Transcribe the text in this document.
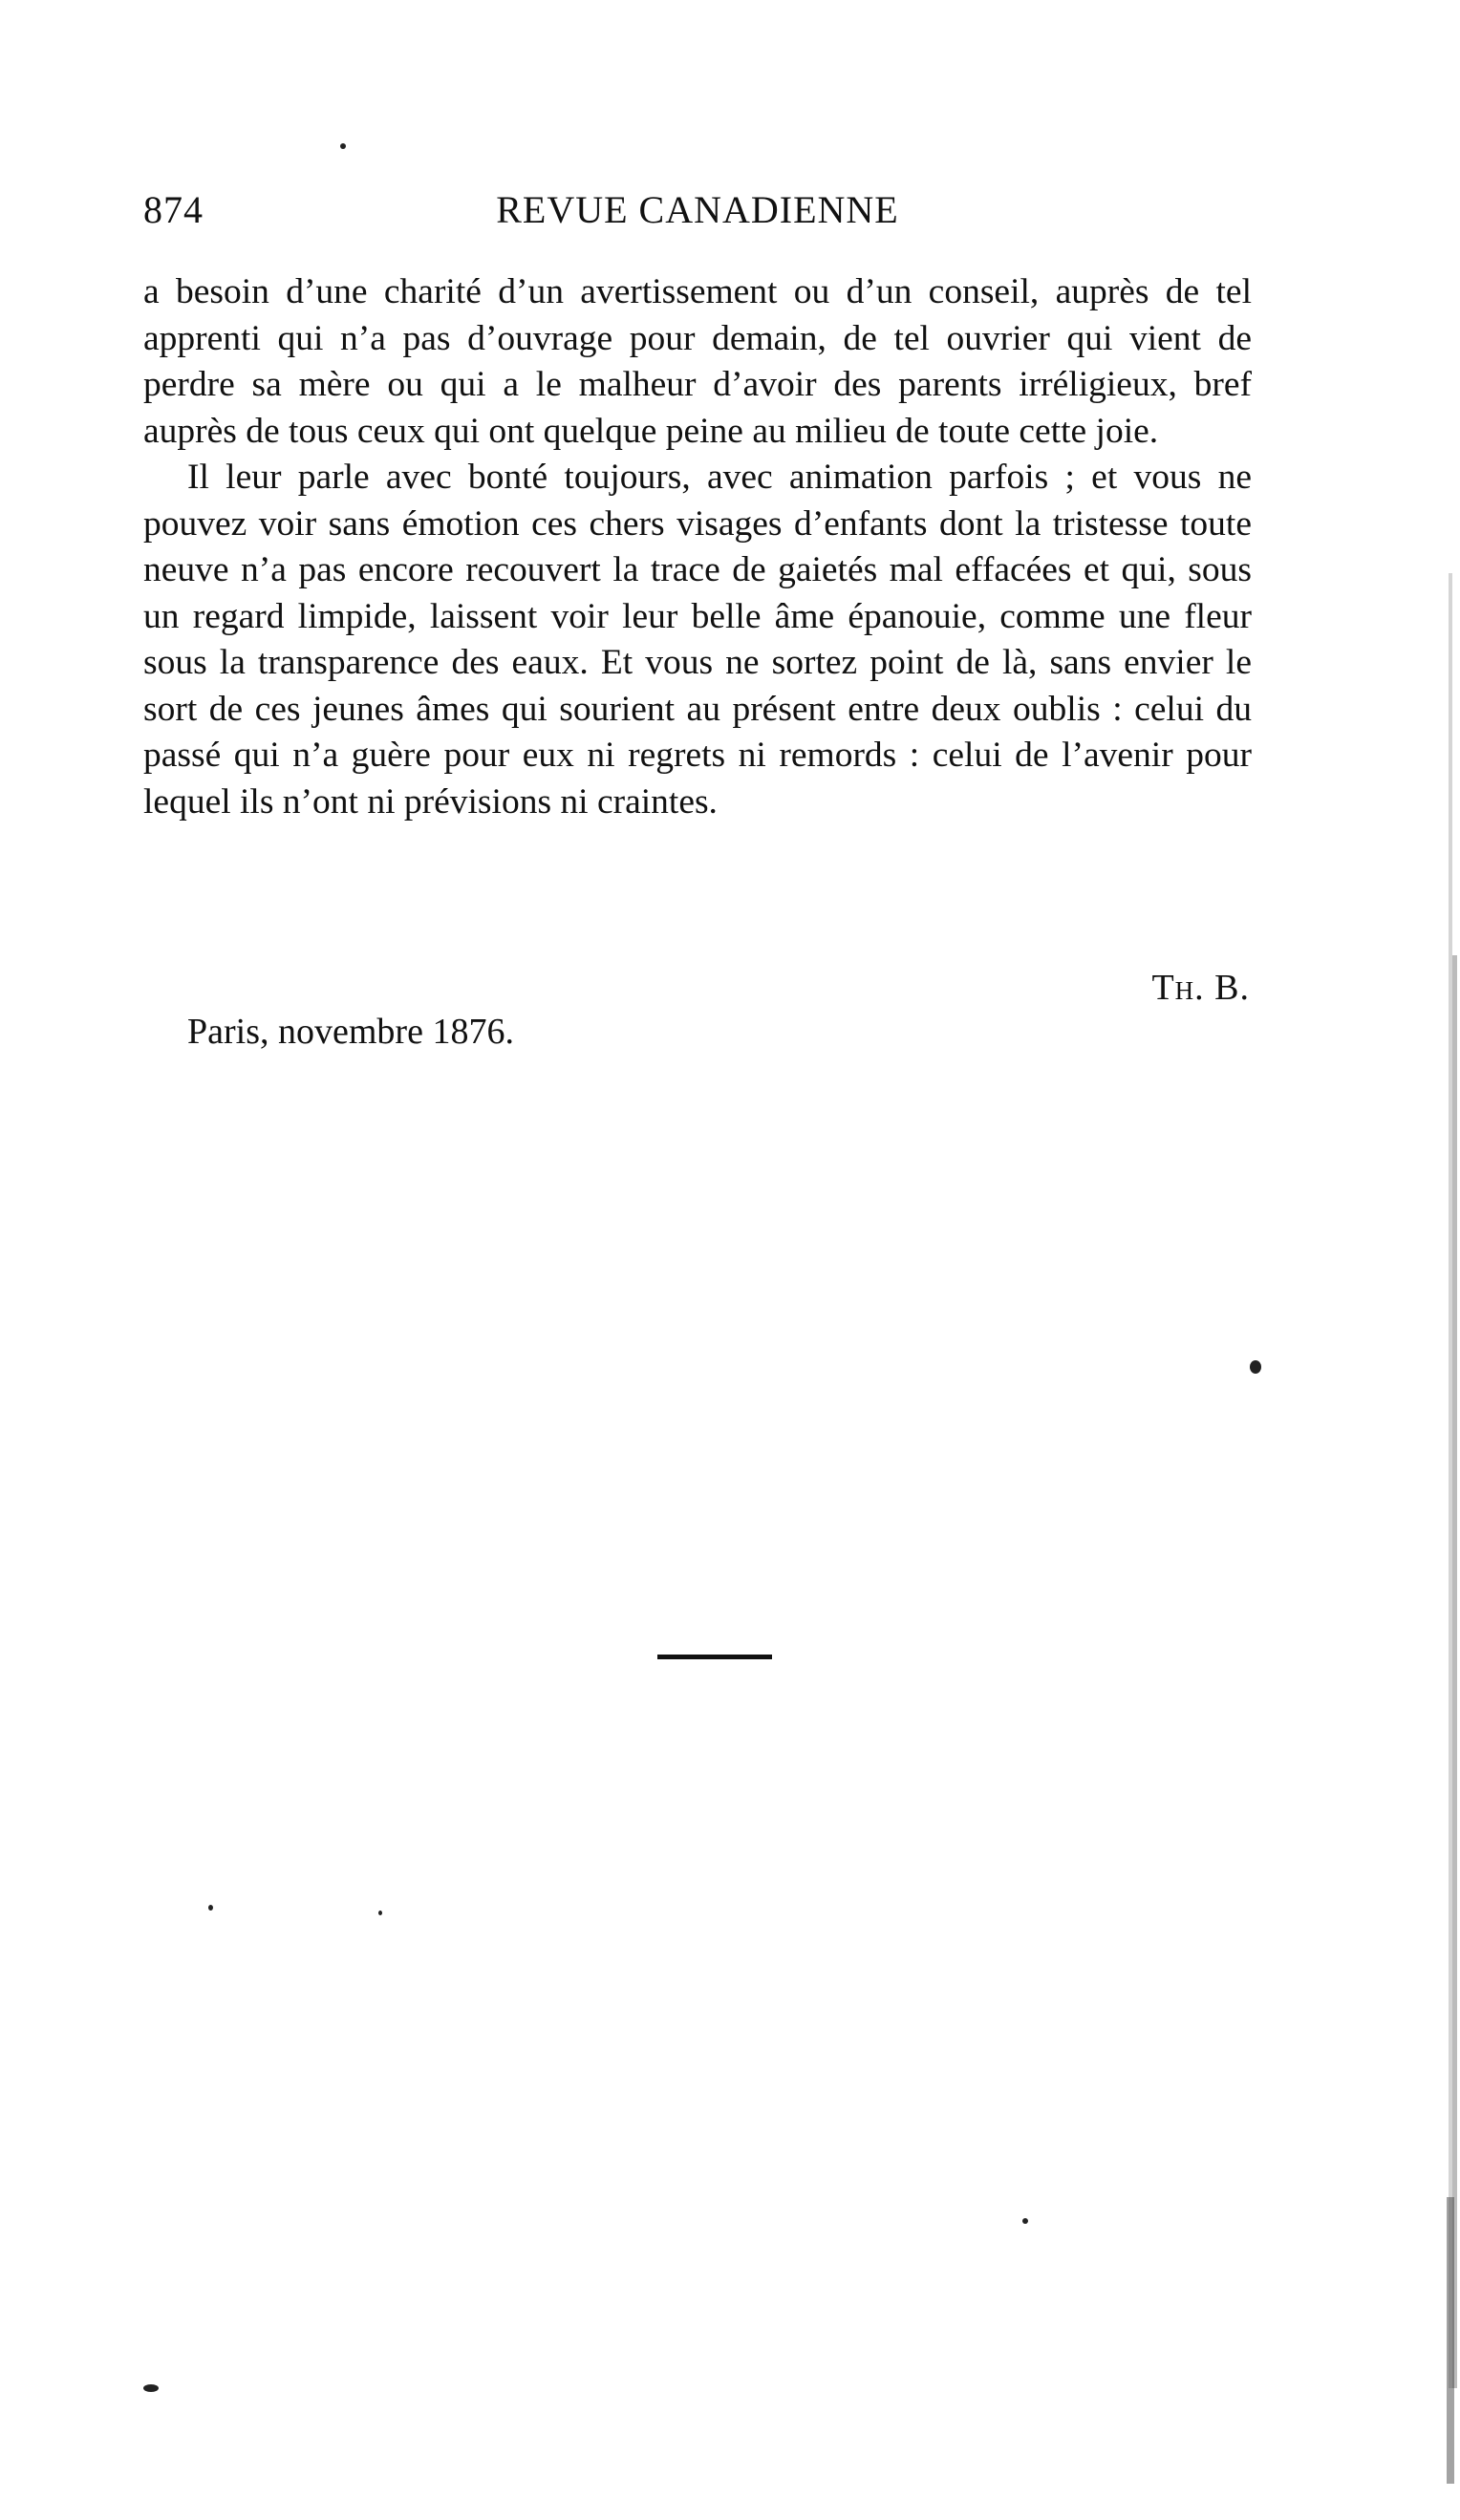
874	REVUE CANADIENNE

a besoin d’une charité d’un avertissement ou d’un conseil, auprès de tel apprenti qui n’a pas d’ouvrage pour demain, de tel ouvrier qui vient de perdre sa mère ou qui a le malheur d’avoir des parents irréligieux, bref auprès de tous ceux qui ont quelque peine au milieu de toute cette joie.

Il leur parle avec bonté toujours, avec animation parfois ; et vous ne pouvez voir sans émotion ces chers visages d’enfants dont la tristesse toute neuve n’a pas encore recouvert la trace de gaietés mal effacées et qui, sous un regard limpide, laissent voir leur belle âme épanouie, comme une fleur sous la transparence des eaux. Et vous ne sortez point de là, sans envier le sort de ces jeunes âmes qui sourient au présent entre deux oublis : celui du passé qui n’a guère pour eux ni regrets ni remords : celui de l’avenir pour lequel ils n’ont ni prévisions ni craintes.

Th. B.
Paris, novembre 1876.
